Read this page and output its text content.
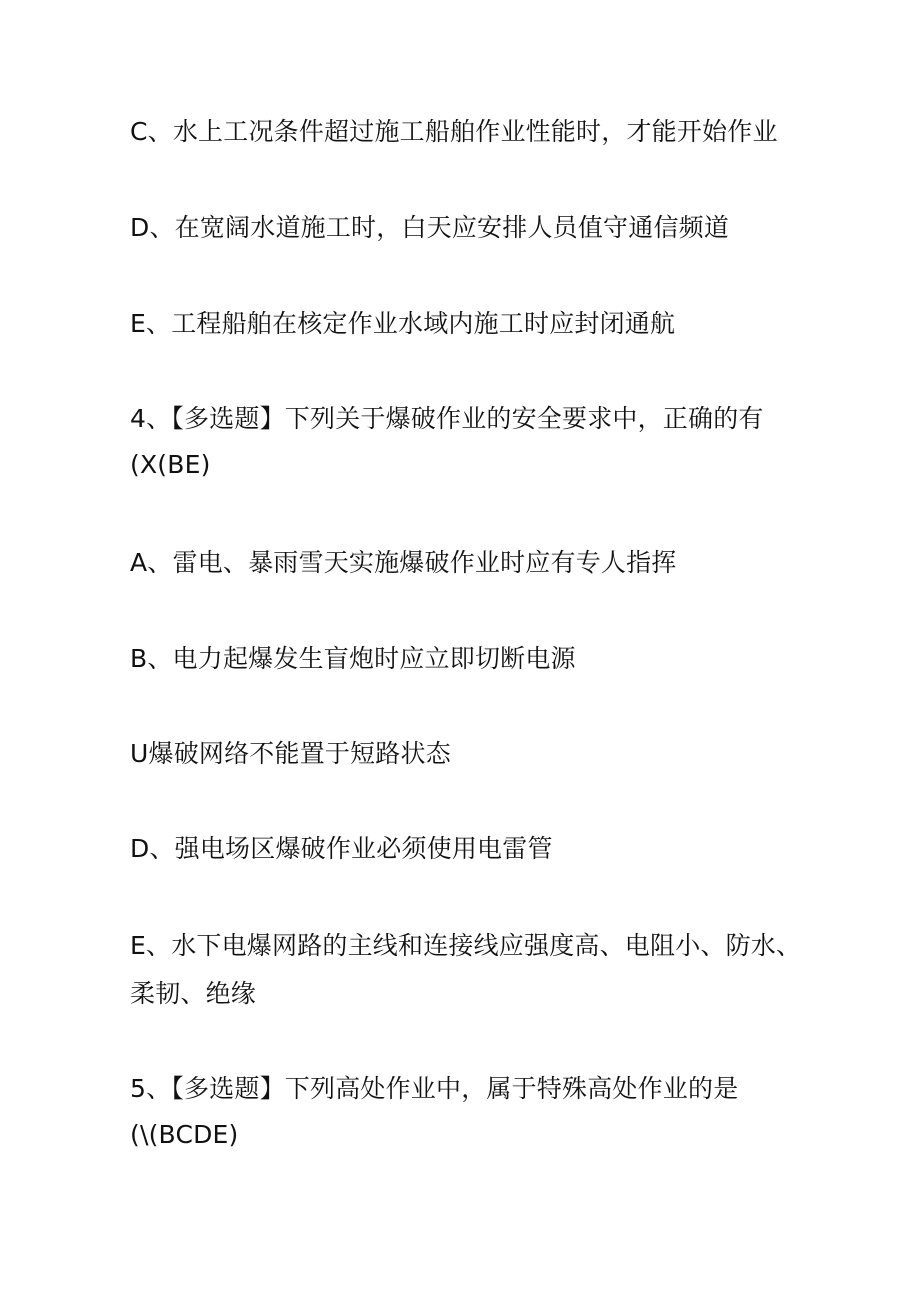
C、水上工况条件超过施工船舶作业性能时，才能开始作业
D、在宽阔水道施工时，白天应安排人员值守通信频道
E、工程船舶在核定作业水域内施工时应封闭通航
4、【多选题】下列关于爆破作业的安全要求中，正确的有
(X(BE)
A、雷电、暴雨雪天实施爆破作业时应有专人指挥
B、电力起爆发生盲炮时应立即切断电源
U爆破网络不能置于短路状态
D、强电场区爆破作业必须使用电雷管
E、水下电爆网路的主线和连接线应强度高、电阻小、防水、
柔韧、绝缘
5、【多选题】下列高处作业中，属于特殊高处作业的是
(\(BCDE)
